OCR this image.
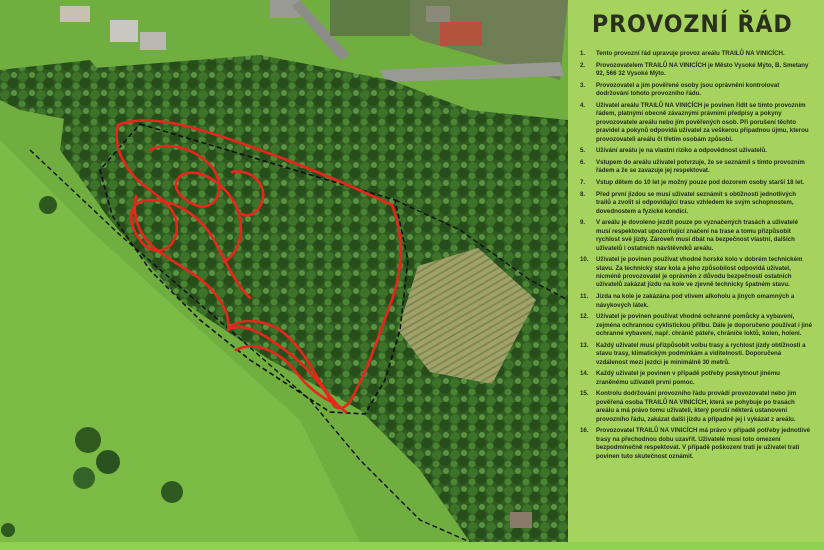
PROVOZNÍ ŘÁD
1. Tento provozní řád upravuje provoz areálu TRAILŮ NA VINICÍCH.
2. Provozovatelem TRAILŮ NA VINICÍCH je Město Vysoké Mýto, B. Smetany 92, 566 32 Vysoké Mýto.
3. Provozovatel a jím pověřené osoby jsou oprávněni kontrolovat dodržování tohoto provozního řádu.
4. Uživatel areálu TRAILŮ NA VINICÍCH je povinen řídit se tímto provozním řádem, platnými obecně závaznými právními předpisy a pokyny provozovatele areálu nebo jím pověřených osob. Při porušení těchto pravidel a pokynů odpovídá uživatel za veškerou případnou újmu, kterou provozovateli areálu či třetím osobám způsobí.
5. Užívání areálu je na vlastní riziko a odpovědnost uživatelů.
6. Vstupem do areálu uživatel potvrzuje, že se seznámil s tímto provozním řádem a že se zavazuje jej respektovat.
7. Vstup dětem do 10 let je možný pouze pod dozorem osoby starší 18 let.
8. Před první jízdou se musí uživatel seznámit s obtížností jednotlivých trailů a zvolit si odpovídající trasu vzhledem ke svým schopnostem, dovednostem a fyzické kondici.
9. V areálu je dovoleno jezdit pouze po vyznačených trasách a uživatelé musí respektovat upozorňující značení na trase a tomu přizpůsobit rychlost své jízdy. Zároveň musí dbát na bezpečnost vlastní, dalších uživatelů i ostatních návštěvníků areálu.
10. Uživatel je povinen používat vhodné horské kolo v dobrém technickém stavu. Za technický stav kola a jeho způsobilost odpovídá uživatel, nicméně provozovatel je oprávněn z důvodu bezpečnosti ostatních uživatelů zakázat jízdu na kole ve zjevně technicky špatném stavu.
11. Jízda na kole je zakázána pod vlivem alkoholu a jiných omamných a návykových látek.
12. Uživatel je povinen používat vhodné ochranné pomůcky a vybavení, zejména ochrannou cyklistickou přilbu. Dále je doporučeno používat i jiné ochranné vybavení, např. chránič páteře, chrániče loktů, kolen, holení.
13. Každý uživatel musí přizpůsobit volbu trasy a rychlost jízdy obtížnosti a stavu trasy, klimatickým podmínkám a viditelnosti. Doporučená vzdálenost mezi jezdci je minimálně 30 metrů.
14. Každý uživatel je povinen v případě potřeby poskytnout jinému zraněnému uživateli první pomoc.
15. Kontrolu dodržování provozního řádu provádí provozovatel nebo jím pověřená osoba TRAILŮ NA VINICÍCH, která se pohybuje po trasách areálu a má právo tomu uživateli, který poruší některá ustanovení provozního řádu, zakázat další jízdu a případně jej i vykázat z areálu.
16. Provozovatel TRAILŮ NA VINICÍCH má právo v případě potřeby jednotlivé trasy na přechodnou dobu uzavřít. Uživatelé musí toto omezení bezpodmínečně respektovat. V případě poškození trati je uživatel trati povinen tuto skutečnost oznámit.
